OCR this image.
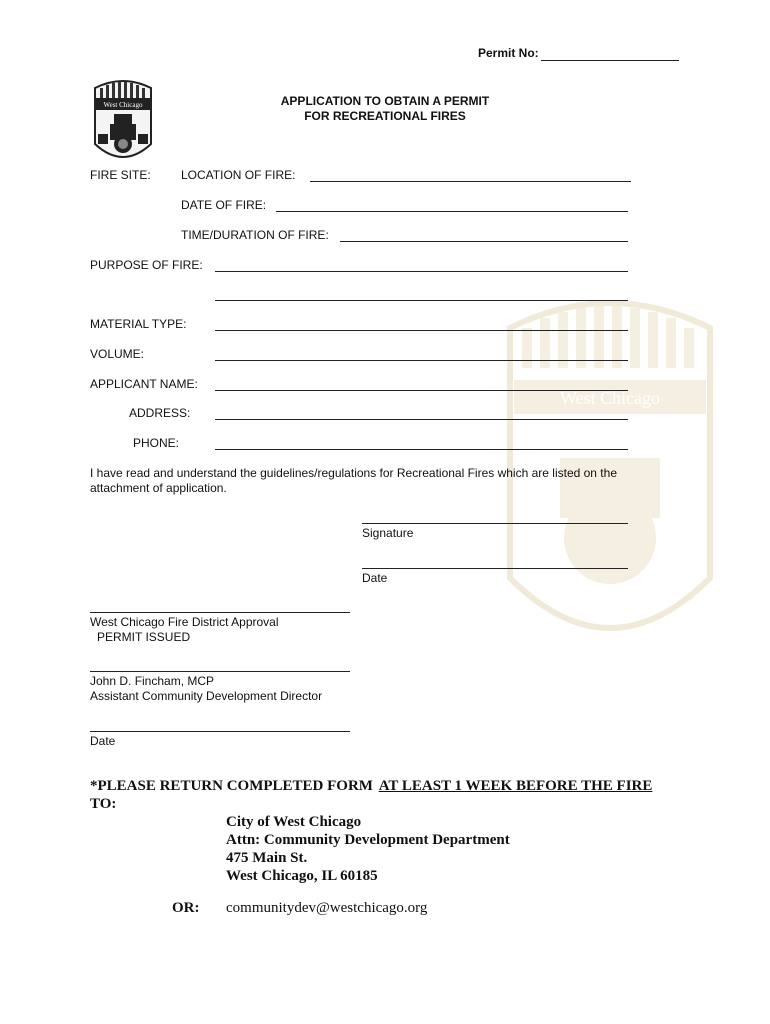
West Chicago
West Chicago
Permit No:
APPLICATION TO OBTAIN A PERMIT
FOR RECREATIONAL FIRES
FIRE SITE:	LOCATION OF FIRE:
DATE OF FIRE:
TIME/DURATION OF FIRE:
PURPOSE OF FIRE:
MATERIAL TYPE:
VOLUME:
APPLICANT NAME:
ADDRESS:
PHONE:
I have read and understand the guidelines/regulations for Recreational Fires which are listed on the
attachment of application.
Signature
Date
West Chicago Fire District Approval
PERMIT ISSUED
John D. Fincham, MCP
Assistant Community Development Director
Date
*PLEASE RETURN COMPLETED FORM AT LEAST 1 WEEK BEFORE THE FIRE
TO:
City of West Chicago
Attn: Community Development Department
475 Main St.
West Chicago, IL 60185
OR: communitydev@westchicago.org
